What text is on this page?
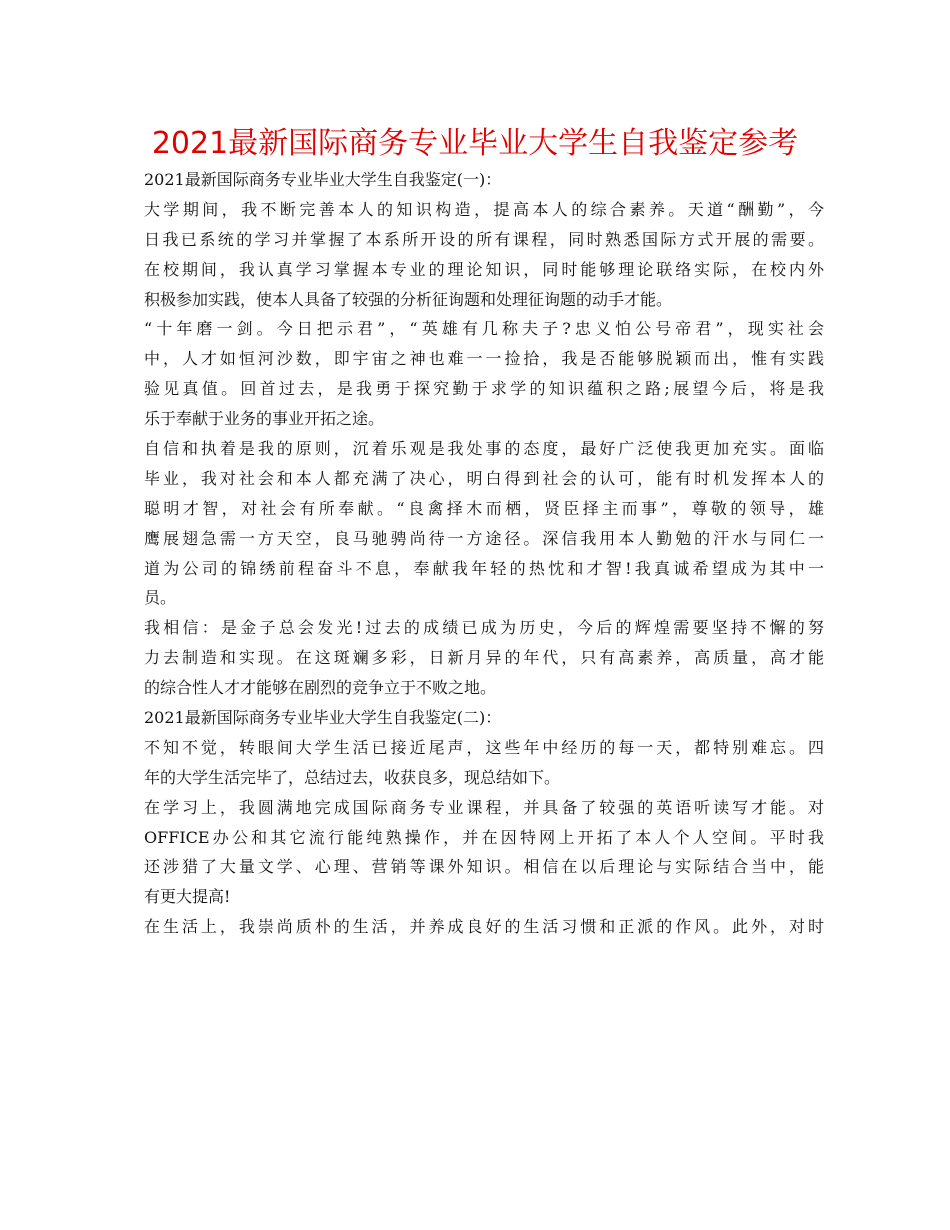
2021最新国际商务专业毕业大学生自我鉴定参考
2021最新国际商务专业毕业大学生自我鉴定(一)：
大学期间，我不断完善本人的知识构造，提高本人的综合素养。天道“酬勤”，今
日我已系统的学习并掌握了本系所开设的所有课程，同时熟悉国际方式开展的需要。
在校期间，我认真学习掌握本专业的理论知识，同时能够理论联络实际，在校内外
积极参加实践，使本人具备了较强的分析征询题和处理征询题的动手才能。
“十年磨一剑。今日把示君”，“英雄有几称夫子?忠义怕公号帝君”，现实社会
中，人才如恒河沙数，即宇宙之神也难一一捡拾，我是否能够脱颖而出，惟有实践
验见真值。回首过去，是我勇于探究勤于求学的知识蕴积之路;展望今后，将是我
乐于奉献于业务的事业开拓之途。
自信和执着是我的原则，沉着乐观是我处事的态度，最好广泛使我更加充实。面临
毕业，我对社会和本人都充满了决心，明白得到社会的认可，能有时机发挥本人的
聪明才智，对社会有所奉献。“良禽择木而栖，贤臣择主而事”，尊敬的领导，雄
鹰展翅急需一方天空，良马驰骋尚待一方途径。深信我用本人勤勉的汗水与同仁一
道为公司的锦绣前程奋斗不息，奉献我年轻的热忱和才智!我真诚希望成为其中一
员。
我相信：是金子总会发光!过去的成绩已成为历史，今后的辉煌需要坚持不懈的努
力去制造和实现。在这斑斓多彩，日新月异的年代，只有高素养，高质量，高才能
的综合性人才才能够在剧烈的竞争立于不败之地。
2021最新国际商务专业毕业大学生自我鉴定(二)：
不知不觉，转眼间大学生活已接近尾声，这些年中经历的每一天，都特别难忘。四
年的大学生活完毕了，总结过去，收获良多，现总结如下。
在学习上，我圆满地完成国际商务专业课程，并具备了较强的英语听读写才能。对
OFFICE办公和其它流行能纯熟操作，并在因特网上开拓了本人个人空间。平时我
还涉猎了大量文学、心理、营销等课外知识。相信在以后理论与实际结合当中，能
有更大提高!
在生活上，我崇尚质朴的生活，并养成良好的生活习惯和正派的作风。此外，对时
